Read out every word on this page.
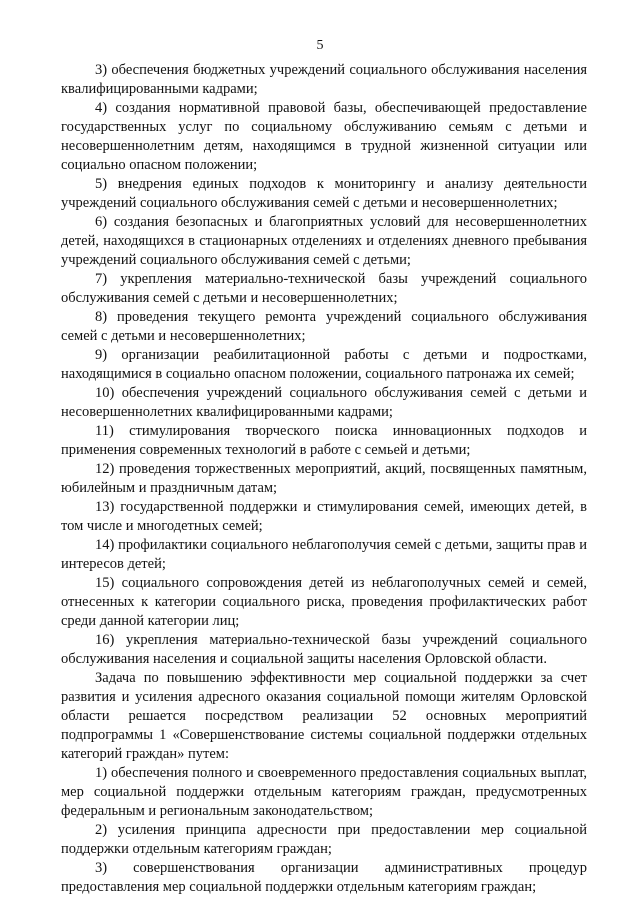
5

3) обеспечения бюджетных учреждений социального обслуживания населения квалифицированными кадрами;

4) создания нормативной правовой базы, обеспечивающей предоставление государственных услуг по социальному обслуживанию семьям с детьми и несовершеннолетним детям, находящимся в трудной жизненной ситуации или социально опасном положении;

5) внедрения единых подходов к мониторингу и анализу деятельности учреждений социального обслуживания семей с детьми и несовершеннолетних;

6) создания безопасных и благоприятных условий для несовершеннолетних детей, находящихся в стационарных отделениях и отделениях дневного пребывания учреждений социального обслуживания семей с детьми;

7) укрепления материально-технической базы учреждений социального обслуживания семей с детьми и несовершеннолетних;

8) проведения текущего ремонта учреждений социального обслуживания семей с детьми и несовершеннолетних;

9) организации реабилитационной работы с детьми и подростками, находящимися в социально опасном положении, социального патронажа их семей;

10) обеспечения учреждений социального обслуживания семей с детьми и несовершеннолетних квалифицированными кадрами;

11) стимулирования творческого поиска инновационных подходов и применения современных технологий в работе с семьей и детьми;

12) проведения торжественных мероприятий, акций, посвященных памятным, юбилейным и праздничным датам;

13) государственной поддержки и стимулирования семей, имеющих детей, в том числе и многодетных семей;

14) профилактики социального неблагополучия семей с детьми, защиты прав и интересов детей;

15) социального сопровождения детей из неблагополучных семей и семей, отнесенных к категории социального риска, проведения профилактических работ среди данной категории лиц;

16) укрепления материально-технической базы учреждений социального обслуживания населения и социальной защиты населения Орловской области.

Задача по повышению эффективности мер социальной поддержки за счет развития и усиления адресного оказания социальной помощи жителям Орловской области решается посредством реализации 52 основных мероприятий подпрограммы 1 «Совершенствование системы социальной поддержки отдельных категорий граждан» путем:

1) обеспечения полного и своевременного предоставления социальных выплат, мер социальной поддержки отдельным категориям граждан, предусмотренных федеральным и региональным законодательством;

2) усиления принципа адресности при предоставлении мер социальной поддержки отдельным категориям граждан;

3) совершенствования организации административных процедур предоставления мер социальной поддержки отдельным категориям граждан;
